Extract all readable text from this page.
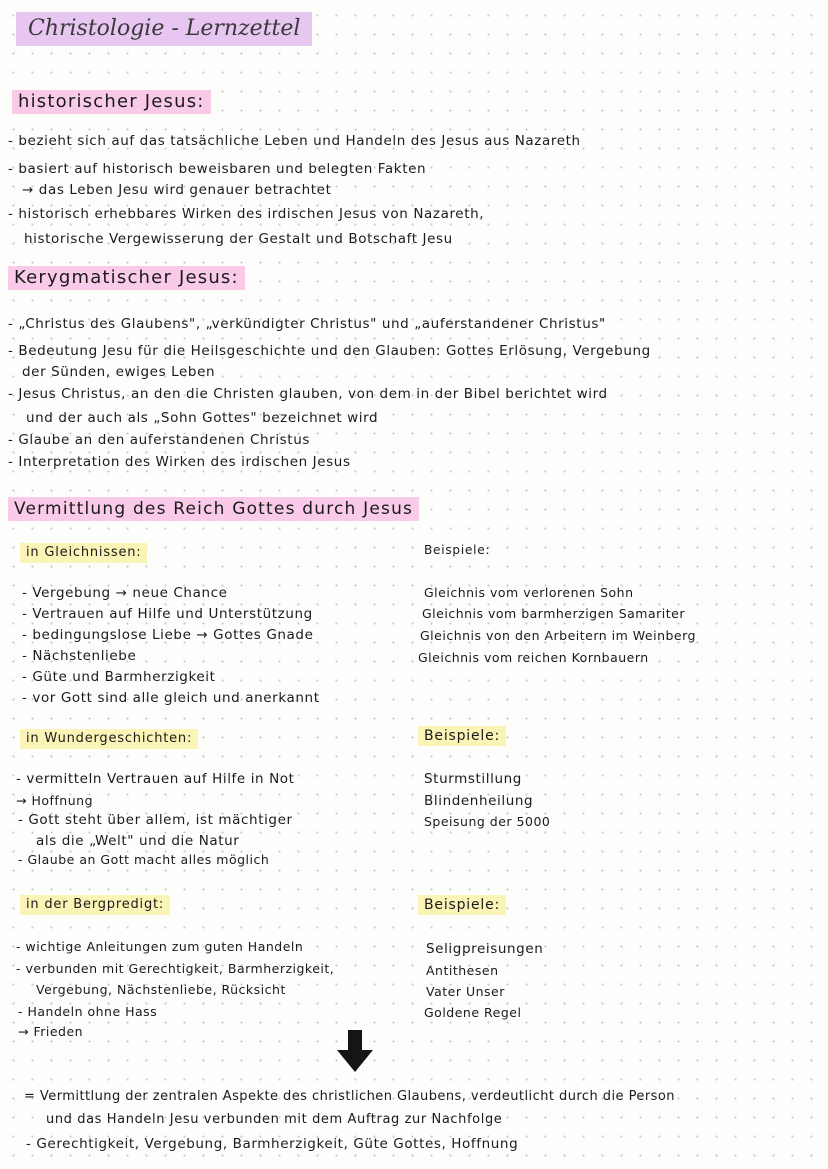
Christologie - Lernzettel
historischer Jesus:
- bezieht sich auf das tatsächliche Leben und Handeln des Jesus aus Nazareth
- basiert auf historisch beweisbaren und belegten Fakten
→ das Leben Jesu wird genauer betrachtet
- historisch erhebbares Wirken des irdischen Jesus von Nazareth,
historische Vergewisserung der Gestalt und Botschaft Jesu
Kerygmatischer Jesus:
- „Christus des Glaubens", „verkündigter Christus" und „auferstandener Christus"
- Bedeutung Jesu für die Heilsgeschichte und den Glauben: Gottes Erlösung, Vergebung
der Sünden, ewiges Leben
- Jesus Christus, an den die Christen glauben, von dem in der Bibel berichtet wird
und der auch als „Sohn Gottes" bezeichnet wird
- Glaube an den auferstandenen Christus
- Interpretation des Wirken des irdischen Jesus
Vermittlung des Reich Gottes durch Jesus
in Gleichnissen:	Beispiele:
- Vergebung → neue Chance
- Vertrauen auf Hilfe und Unterstützung
- bedingungslose Liebe → Gottes Gnade
- Nächstenliebe
- Güte und Barmherzigkeit
- vor Gott sind alle gleich und anerkannt
Gleichnis vom verlorenen Sohn
Gleichnis vom barmherzigen Samariter
Gleichnis von den Arbeitern im Weinberg
Gleichnis vom reichen Kornbauern
in Wundergeschichten:	Beispiele:
- vermitteln Vertrauen auf Hilfe in Not
→ Hoffnung
- Gott steht über allem, ist mächtiger
als die „Welt" und die Natur
- Glaube an Gott macht alles möglich
Sturmstillung
Blindenheilung
Speisung der 5000
in der Bergpredigt:	Beispiele:
- wichtige Anleitungen zum guten Handeln
- verbunden mit Gerechtigkeit, Barmherzigkeit,
Vergebung, Nächstenliebe, Rücksicht
- Handeln ohne Hass
→ Frieden
Seligpreisungen
Antithesen
Vater Unser
Goldene Regel
= Vermittlung der zentralen Aspekte des christlichen Glaubens, verdeutlicht durch die Person
und das Handeln Jesu verbunden mit dem Auftrag zur Nachfolge
- Gerechtigkeit, Vergebung, Barmherzigkeit, Güte Gottes, Hoffnung
